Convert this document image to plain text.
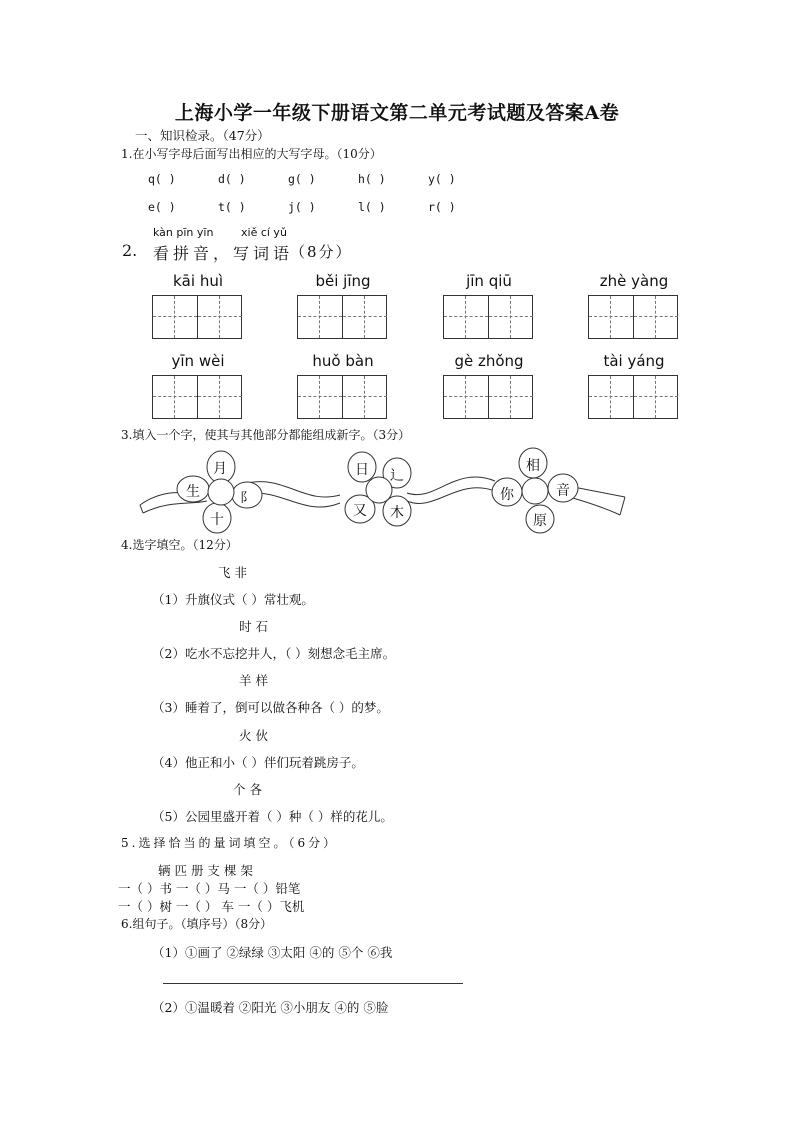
上海小学一年级下册语文第二单元考试题及答案A卷
一、知识检录。（47分）
1.在小写字母后面写出相应的大写字母。（10分）
q( )	d( )	g( )	h( )	y( )
e( )	t( )	j( )	l( )	r( )
kàn pīn yīn	xiě cí yǔ
2. 看拼音，写词语
（8分）
kāi huì	běi jīng	jīn qiū	zhè yàng
yīn wèi	huǒ bàn	gè zhǒng	tài yáng
3.填入一个字，使其与其他部分都能组成新字。（3分）
月
生	阝
十
日 辶
又 木
相
你	音
原
4.选字填空。（12分）
飞 非
（1）升旗仪式（ ）常壮观。
时 石
（2）吃水不忘挖井人，（ ）刻想念毛主席。
羊 样
（3）睡着了，倒可以做各种各（ ）的梦。
火 伙
（4）他正和小（ ）伴们玩着跳房子。
个 各
（5）公园里盛开着（ ）种（ ）样的花儿。
5.选择恰当的量词填空。（6分）
辆 匹 册 支 棵 架
一（ ）书 一（ ）马 一（ ）铅笔
一（ ）树 一（ ） 车 一（ ）飞机
6.组句子。（填序号）（8分）
（1）①画了 ②绿绿 ③太阳 ④的 ⑤个 ⑥我
（2）①温暖着 ②阳光 ③小朋友 ④的 ⑤脸
